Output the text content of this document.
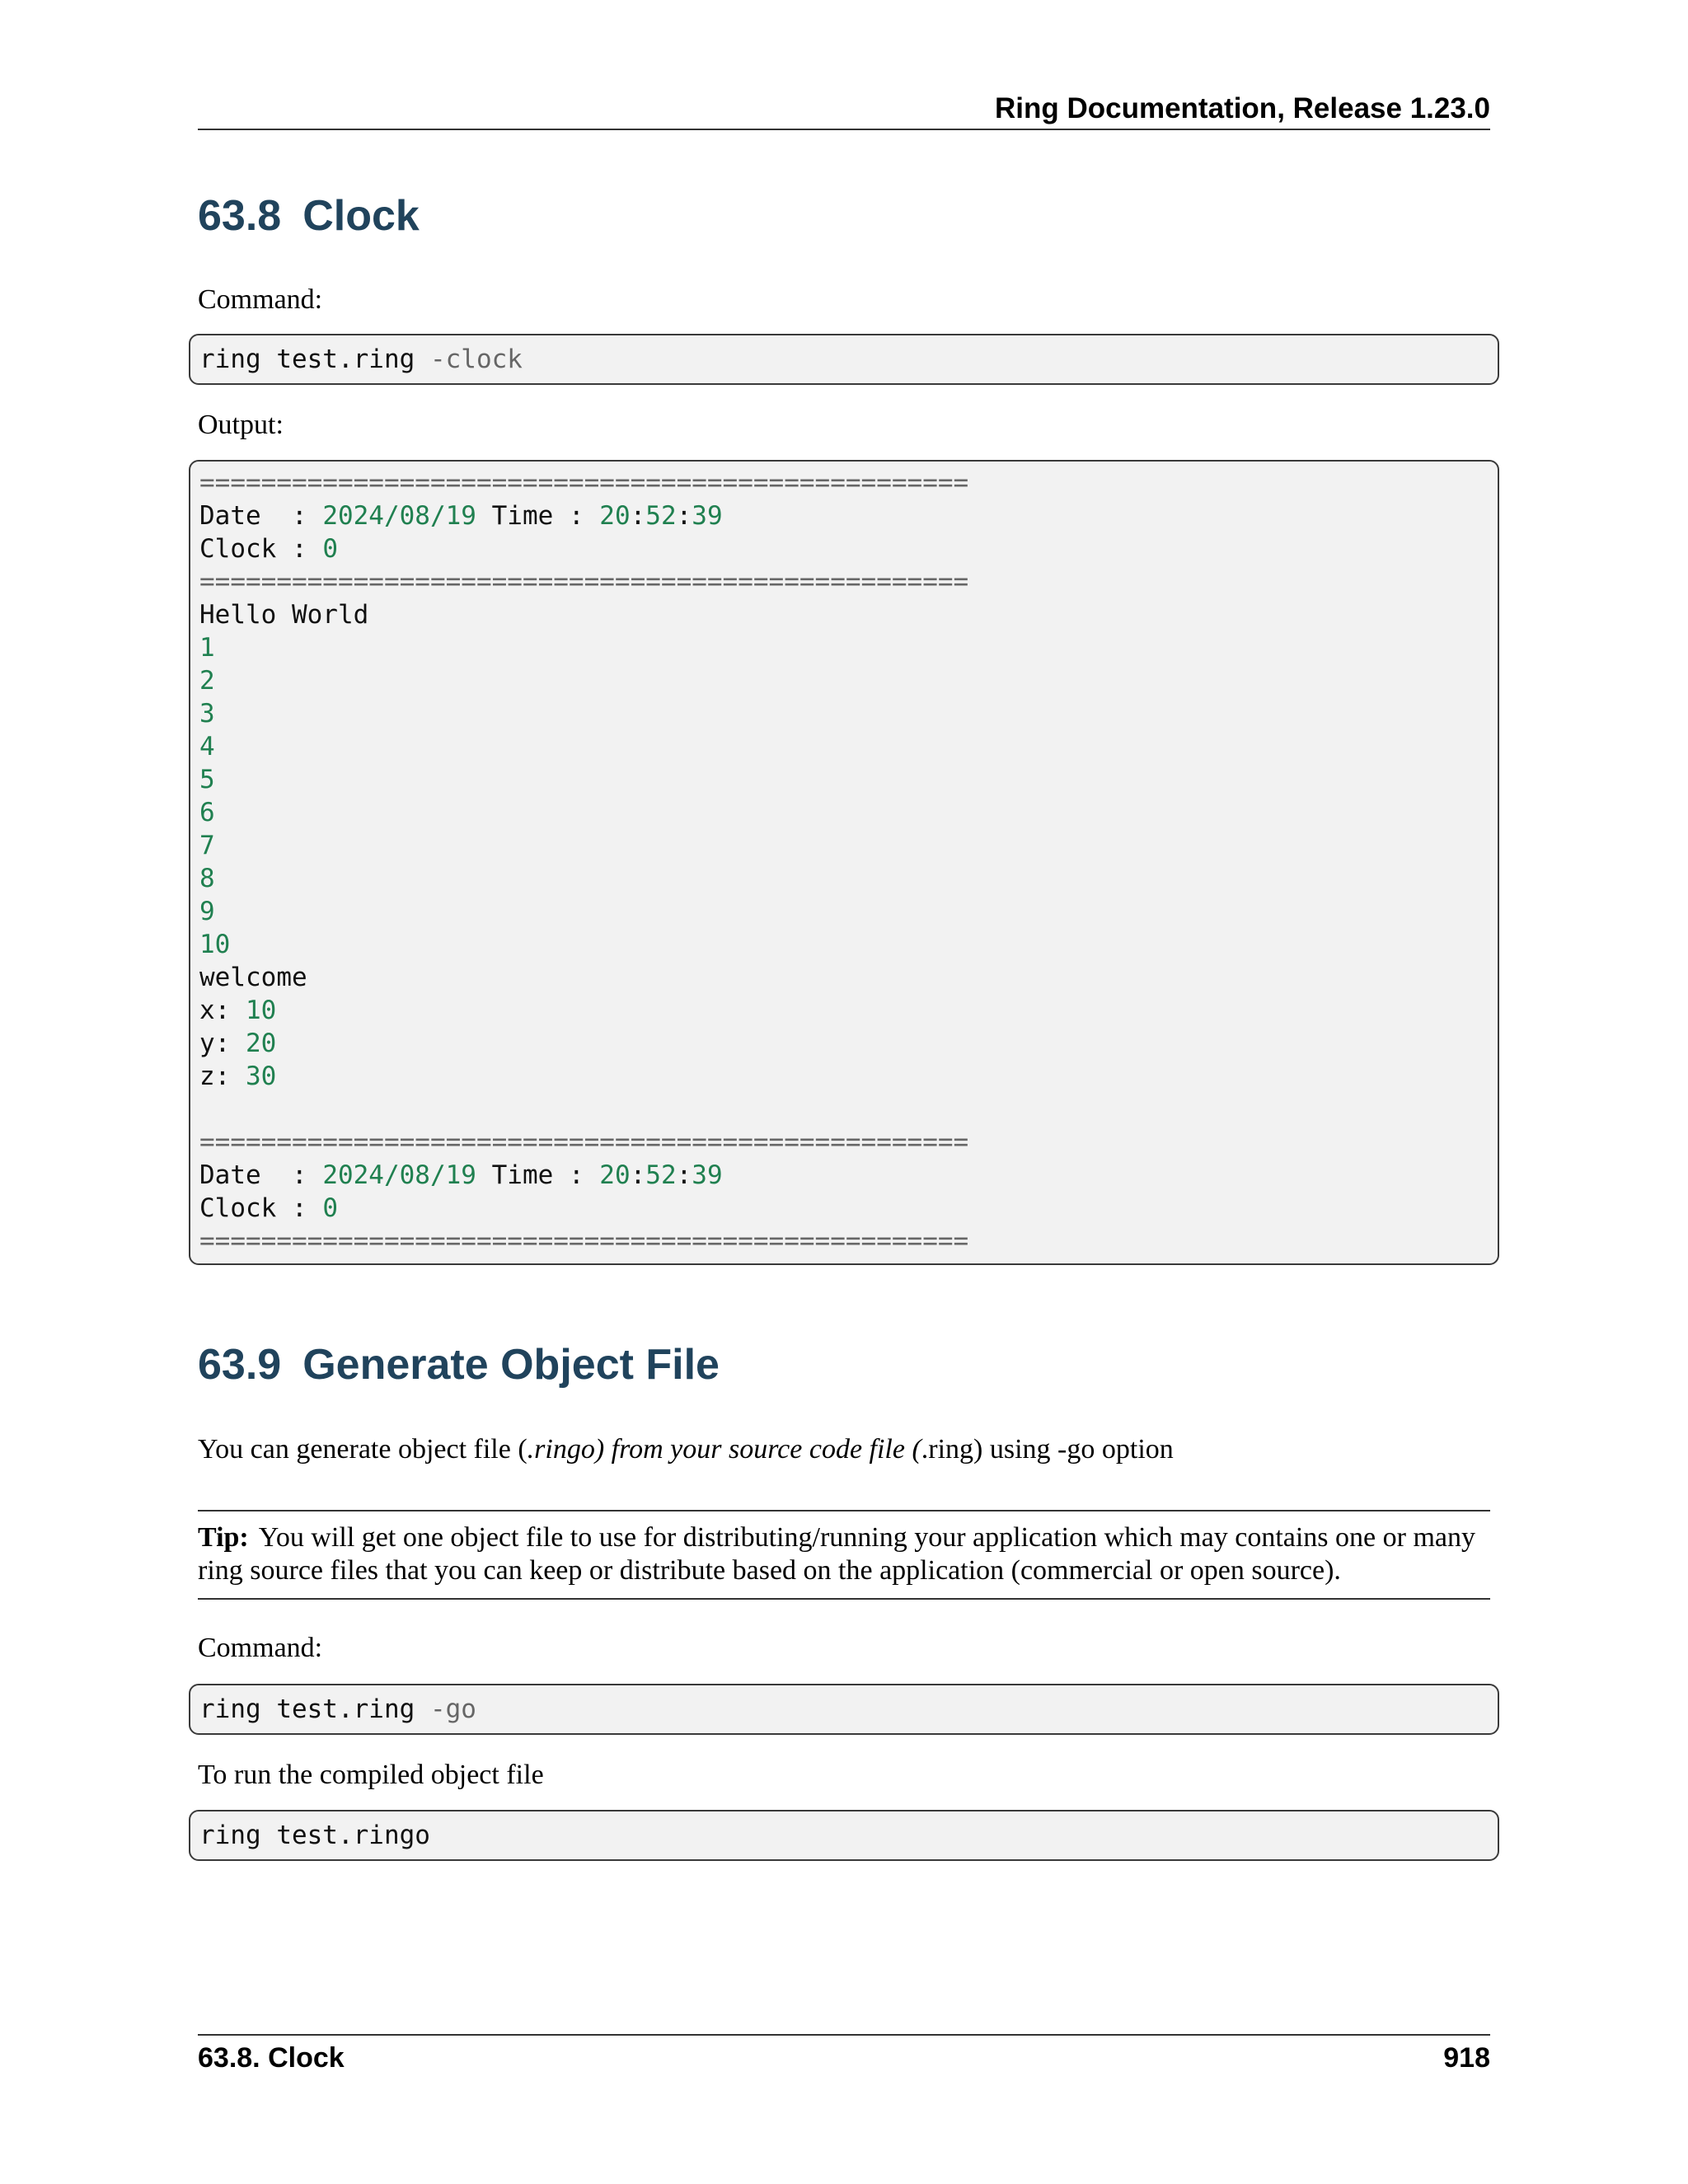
Ring Documentation, Release 1.23.0
63.8 Clock
Command:
ring test.ring -clock
Output:
==================================================
Date  : 2024/08/19 Time : 20:52:39
Clock : 0
==================================================
Hello World
1
2
3
4
5
6
7
8
9
10
welcome
x: 10
y: 20
z: 30
==================================================
Date  : 2024/08/19 Time : 20:52:39
Clock : 0
==================================================
63.9 Generate Object File
You can generate object file (.ringo) from your source code file (.ring) using -go option
Tip: You will get one object file to use for distributing/running your application which may contains one or many ring source files that you can keep or distribute based on the application (commercial or open source).
Command:
ring test.ring -go
To run the compiled object file
ring test.ringo
63.8. Clock	918
